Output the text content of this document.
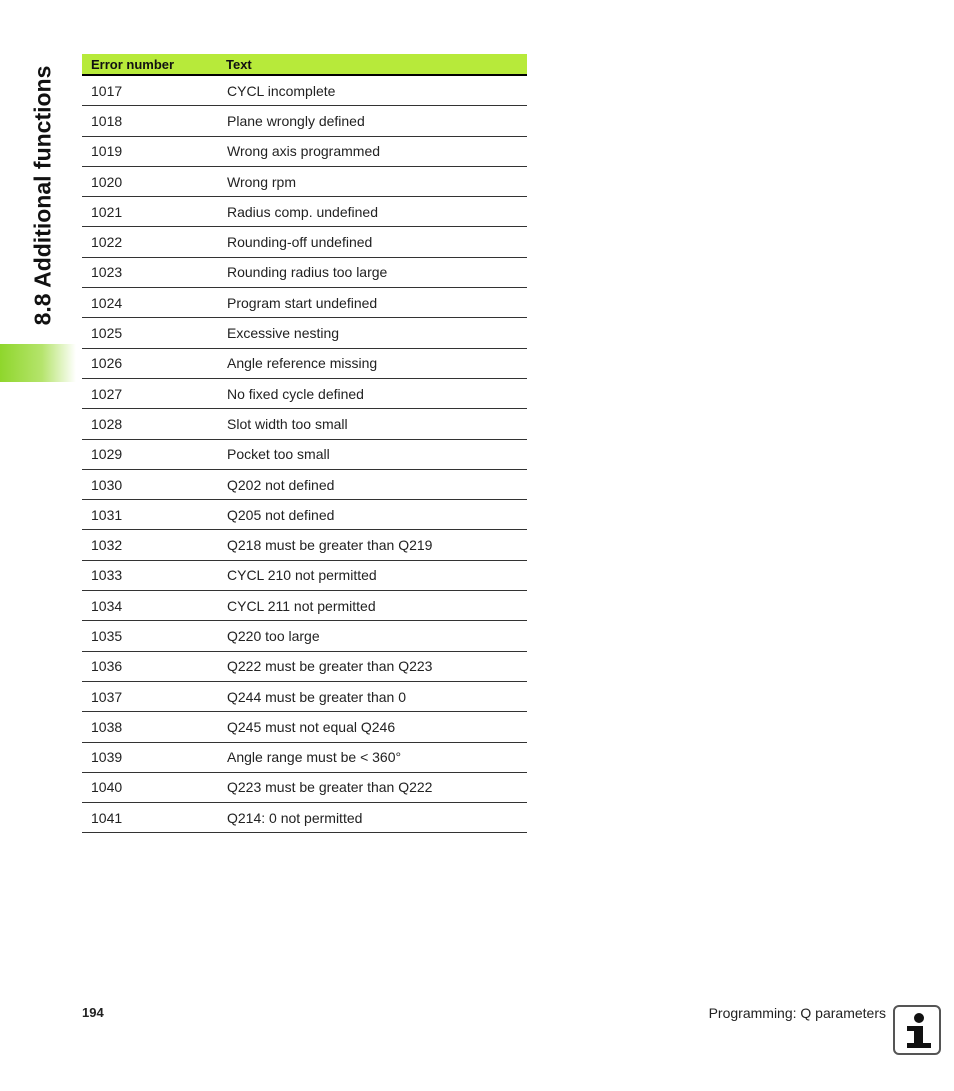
8.8 Additional functions
Error number	Text
1017	CYCL incomplete
1018	Plane wrongly defined
1019	Wrong axis programmed
1020	Wrong rpm
1021	Radius comp. undefined
1022	Rounding-off undefined
1023	Rounding radius too large
1024	Program start undefined
1025	Excessive nesting
1026	Angle reference missing
1027	No fixed cycle defined
1028	Slot width too small
1029	Pocket too small
1030	Q202 not defined
1031	Q205 not defined
1032	Q218 must be greater than Q219
1033	CYCL 210 not permitted
1034	CYCL 211 not permitted
1035	Q220 too large
1036	Q222 must be greater than Q223
1037	Q244 must be greater than 0
1038	Q245 must not equal Q246
1039	Angle range must be < 360°
1040	Q223 must be greater than Q222
1041	Q214: 0 not permitted
194	Programming: Q parameters
